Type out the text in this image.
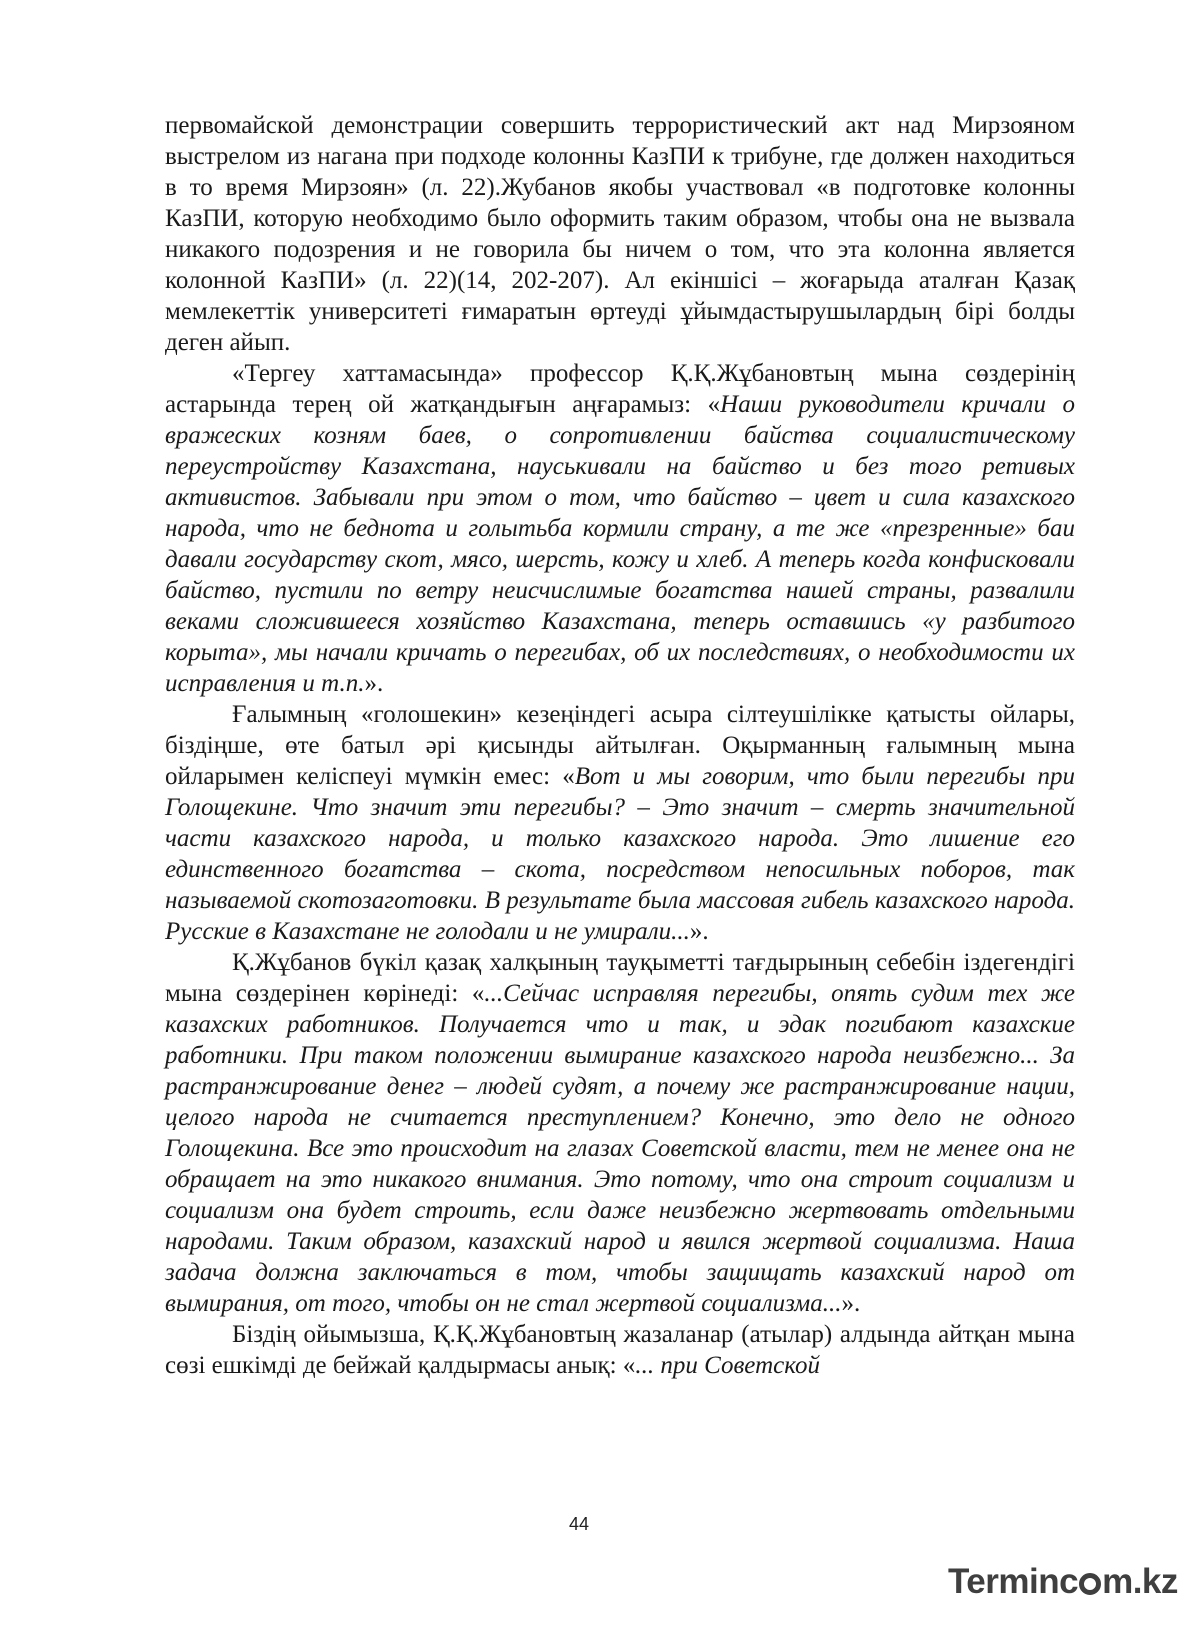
первомайской демонстрации совершить террористический акт над Мирзояном выстрелом из нагана при подходе колонны КазПИ к трибуне, где должен находиться в то время Мирзоян» (л. 22).Жубанов якобы участвовал «в подготовке колонны КазПИ, которую необходимо было оформить таким образом, чтобы она не вызвала никакого подозрения и не говорила бы ничем о том, что эта колонна является колонной КазПИ» (л. 22)(14, 202-207). Ал екіншісі – жоғарыда аталған Қазақ мемлекеттік университеті ғимаратын өртеуді ұйымдастырушылардың бірі болды деген айып.

«Тергеу хаттамасында» профессор Қ.Қ.Жұбановтың мына сөздерінің астарында терең ой жатқандығын аңғарамыз: «Наши руководители кричали о вражеских козням баев, о сопротивлении байства социалистическому переустройству Казахстана, науськивали на байство и без того ретивых активистов. Забывали при этом о том, что байство – цвет и сила казахского народа, что не беднота и голытьба кормили страну, а те же «презренные» баи давали государству скот, мясо, шерсть, кожу и хлеб. А теперь когда конфисковали байство, пустили по ветру неисчислимые богатства нашей страны, развалили веками сложившееся хозяйство Казахстана, теперь оставшись «у разбитого корыта», мы начали кричать о перегибах, об их последствиях, о необходимости их исправления и т.п.».

Ғалымның «голошекин» кезеңіндегі асыра сілтеушілікке қатысты ойлары, біздіңше, өте батыл әрі қисынды айтылған. Оқырманның ғалымның мына ойларымен келіспеуі мүмкін емес: «Вот и мы говорим, что были перегибы при Голощекине. Что значит эти перегибы? – Это значит – смерть значительной части казахского народа, и только казахского народа. Это лишение его единственного богатства – скота, посредством непосильных поборов, так называемой скотозаготовки. В результате была массовая гибель казахского народа. Русские в Казахстане не голодали и не умирали...».

Қ.Жұбанов бүкіл қазақ халқының тауқыметті тағдырының себебін іздегендігі мына сөздерінен көрінеді: «...Сейчас исправляя перегибы, опять судим тех же казахских работников. Получается что и так, и эдак погибают казахские работники. При таком положении вымирание казахского народа неизбежно... За растранжирование денег – людей судят, а почему же растранжирование нации, целого народа не считается преступлением? Конечно, это дело не одного Голощекина. Все это происходит на глазах Советской власти, тем не менее она не обращает на это никакого внимания. Это потому, что она строит социализм и социализм она будет строить, если даже неизбежно жертвовать отдельными народами. Таким образом, казахский народ и явился жертвой социализма. Наша задача должна заключаться в том, чтобы защищать казахский народ от вымирания, от того, чтобы он не стал жертвой социализма...».

Біздің ойымызша, Қ.Қ.Жұбановтың жазаланар (атылар) алдында айтқан мына сөзі ешкімді де бейжай қалдырмасы анық: «... при Советской

44
Terminc m.kz
